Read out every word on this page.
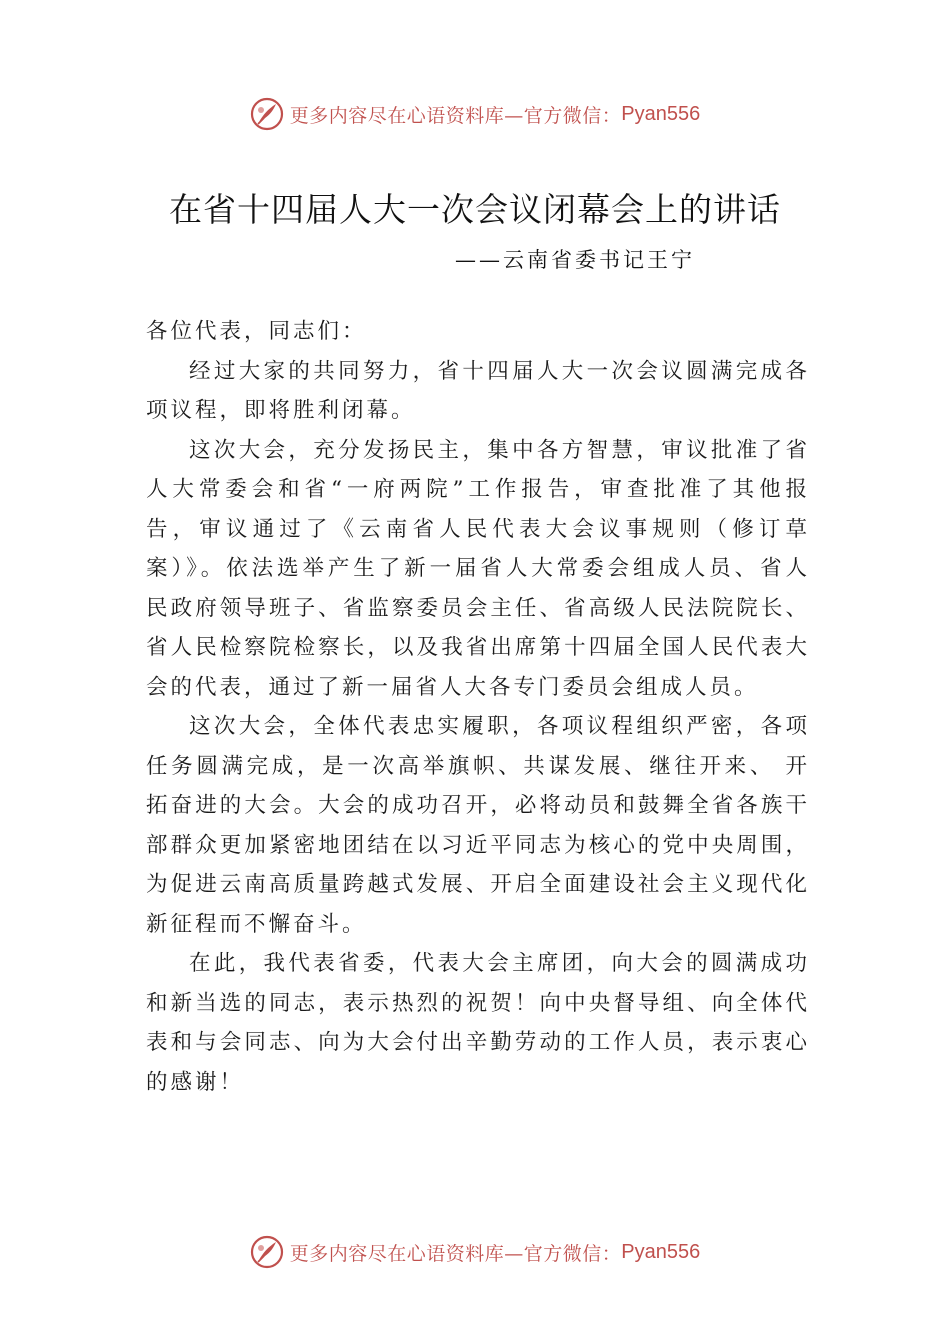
更多内容尽在心语资料库—官方微信： Pyan556
在省十四届人大一次会议闭幕会上的讲话
——云南省委书记王宁

各位代表，同志们：

经过大家的共同努力，省十四届人大一次会议圆满完成各项议程，即将胜利闭幕。

这次大会，充分发扬民主，集中各方智慧，审议批准了省人大常委会和省“一府两院”工作报告，审查批准了其他报告，审议通过了《云南省人民代表大会议事规则（修订草案）》。依法选举产生了新一届省人大常委会组成人员、省人民政府领导班子、省监察委员会主任、省高级人民法院院长、省人民检察院检察长，以及我省出席第十四届全国人民代表大会的代表，通过了新一届省人大各专门委员会组成人员。

这次大会，全体代表忠实履职，各项议程组织严密，各项任务圆满完成，是一次高举旗帜、共谋发展、继往开来、 开拓奋进的大会。大会的成功召开，必将动员和鼓舞全省各族干部群众更加紧密地团结在以习近平同志为核心的党中央周围，为促进云南高质量跨越式发展、开启全面建设社会主义现代化新征程而不懈奋斗。

在此，我代表省委，代表大会主席团，向大会的圆满成功和新当选的同志，表示热烈的祝贺！向中央督导组、向全体代表和与会同志、向为大会付出辛勤劳动的工作人员，表示衷心的感谢！

更多内容尽在心语资料库—官方微信： Pyan556
